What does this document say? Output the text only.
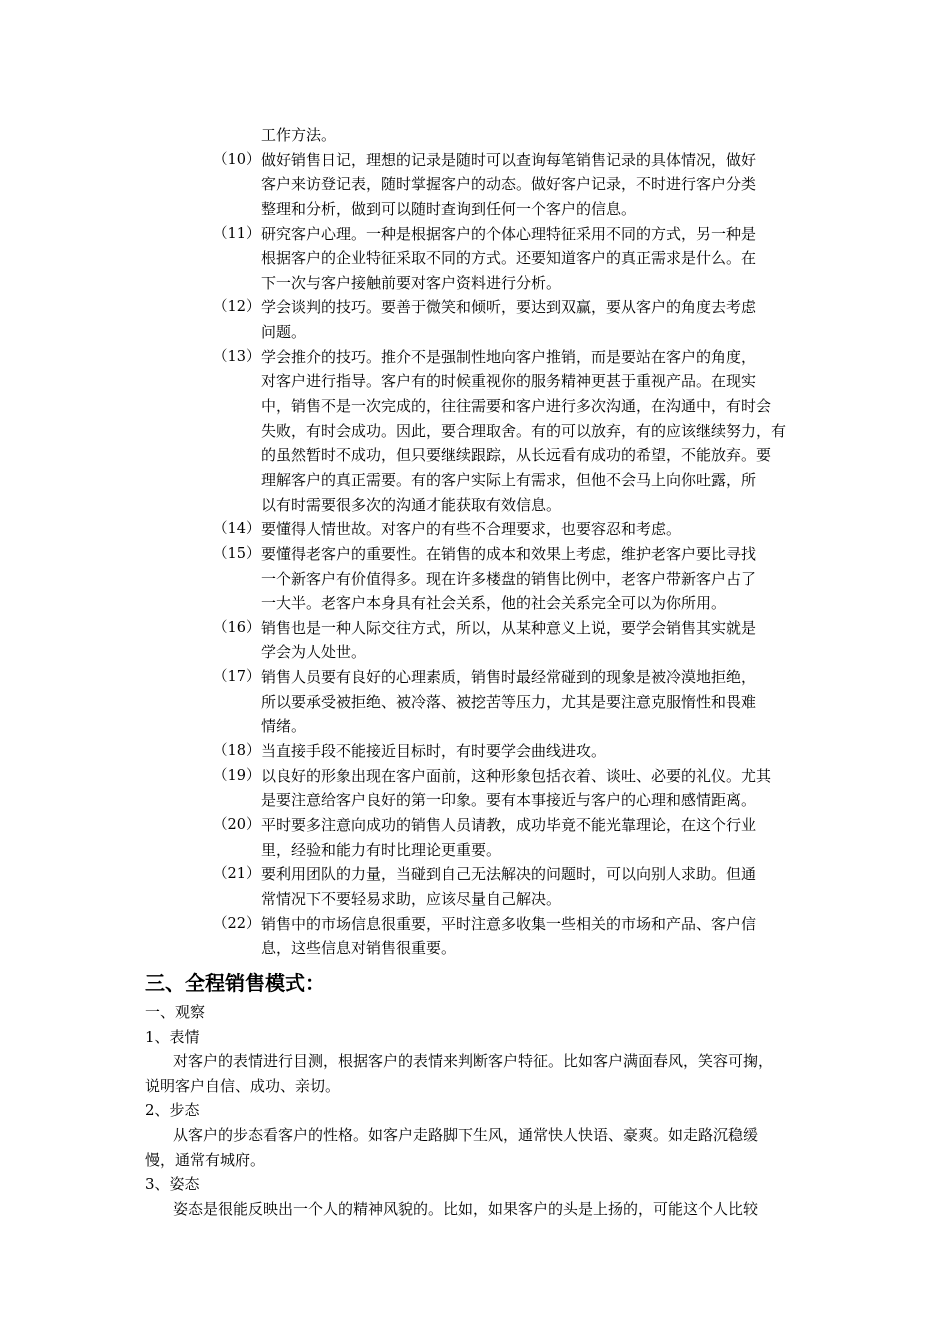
工作方法。
（10） 做好销售日记，理想的记录是随时可以查询每笔销售记录的具体情况，做好
客户来访登记表，随时掌握客户的动态。做好客户记录，不时进行客户分类
整理和分析，做到可以随时查询到任何一个客户的信息。
（11） 研究客户心理。一种是根据客户的个体心理特征采用不同的方式，另一种是
根据客户的企业特征采取不同的方式。还要知道客户的真正需求是什么。在
下一次与客户接触前要对客户资料进行分析。
（12） 学会谈判的技巧。要善于微笑和倾听，要达到双赢，要从客户的角度去考虑
问题。
（13） 学会推介的技巧。推介不是强制性地向客户推销，而是要站在客户的角度，
对客户进行指导。客户有的时候重视你的服务精神更甚于重视产品。在现实
中，销售不是一次完成的，往往需要和客户进行多次沟通，在沟通中，有时会
失败，有时会成功。因此，要合理取舍。有的可以放弃，有的应该继续努力，有
的虽然暂时不成功，但只要继续跟踪，从长远看有成功的希望，不能放弃。要
理解客户的真正需要。有的客户实际上有需求，但他不会马上向你吐露，所
以有时需要很多次的沟通才能获取有效信息。
（14） 要懂得人情世故。对客户的有些不合理要求，也要容忍和考虑。
（15） 要懂得老客户的重要性。在销售的成本和效果上考虑，维护老客户要比寻找
一个新客户有价值得多。现在许多楼盘的销售比例中，老客户带新客户占了
一大半。老客户本身具有社会关系，他的社会关系完全可以为你所用。
（16） 销售也是一种人际交往方式，所以，从某种意义上说，要学会销售其实就是
学会为人处世。
（17） 销售人员要有良好的心理素质，销售时最经常碰到的现象是被冷漠地拒绝，
所以要承受被拒绝、被冷落、被挖苦等压力，尤其是要注意克服惰性和畏难
情绪。
（18） 当直接手段不能接近目标时，有时要学会曲线进攻。
（19） 以良好的形象出现在客户面前，这种形象包括衣着、谈吐、必要的礼仪。尤其
是要注意给客户良好的第一印象。要有本事接近与客户的心理和感情距离。
（20） 平时要多注意向成功的销售人员请教，成功毕竟不能光靠理论，在这个行业
里，经验和能力有时比理论更重要。
（21） 要利用团队的力量，当碰到自己无法解决的问题时，可以向别人求助。但通
常情况下不要轻易求助，应该尽量自己解决。
（22） 销售中的市场信息很重要，平时注意多收集一些相关的市场和产品、客户信
息，这些信息对销售很重要。
三、全程销售模式：
一、观察
1、表情
对客户的表情进行目测，根据客户的表情来判断客户特征。比如客户满面春风，笑容可掬，
说明客户自信、成功、亲切。
2、步态
从客户的步态看客户的性格。如客户走路脚下生风，通常快人快语、豪爽。如走路沉稳缓
慢，通常有城府。
3、姿态
姿态是很能反映出一个人的精神风貌的。比如，如果客户的头是上扬的，可能这个人比较
